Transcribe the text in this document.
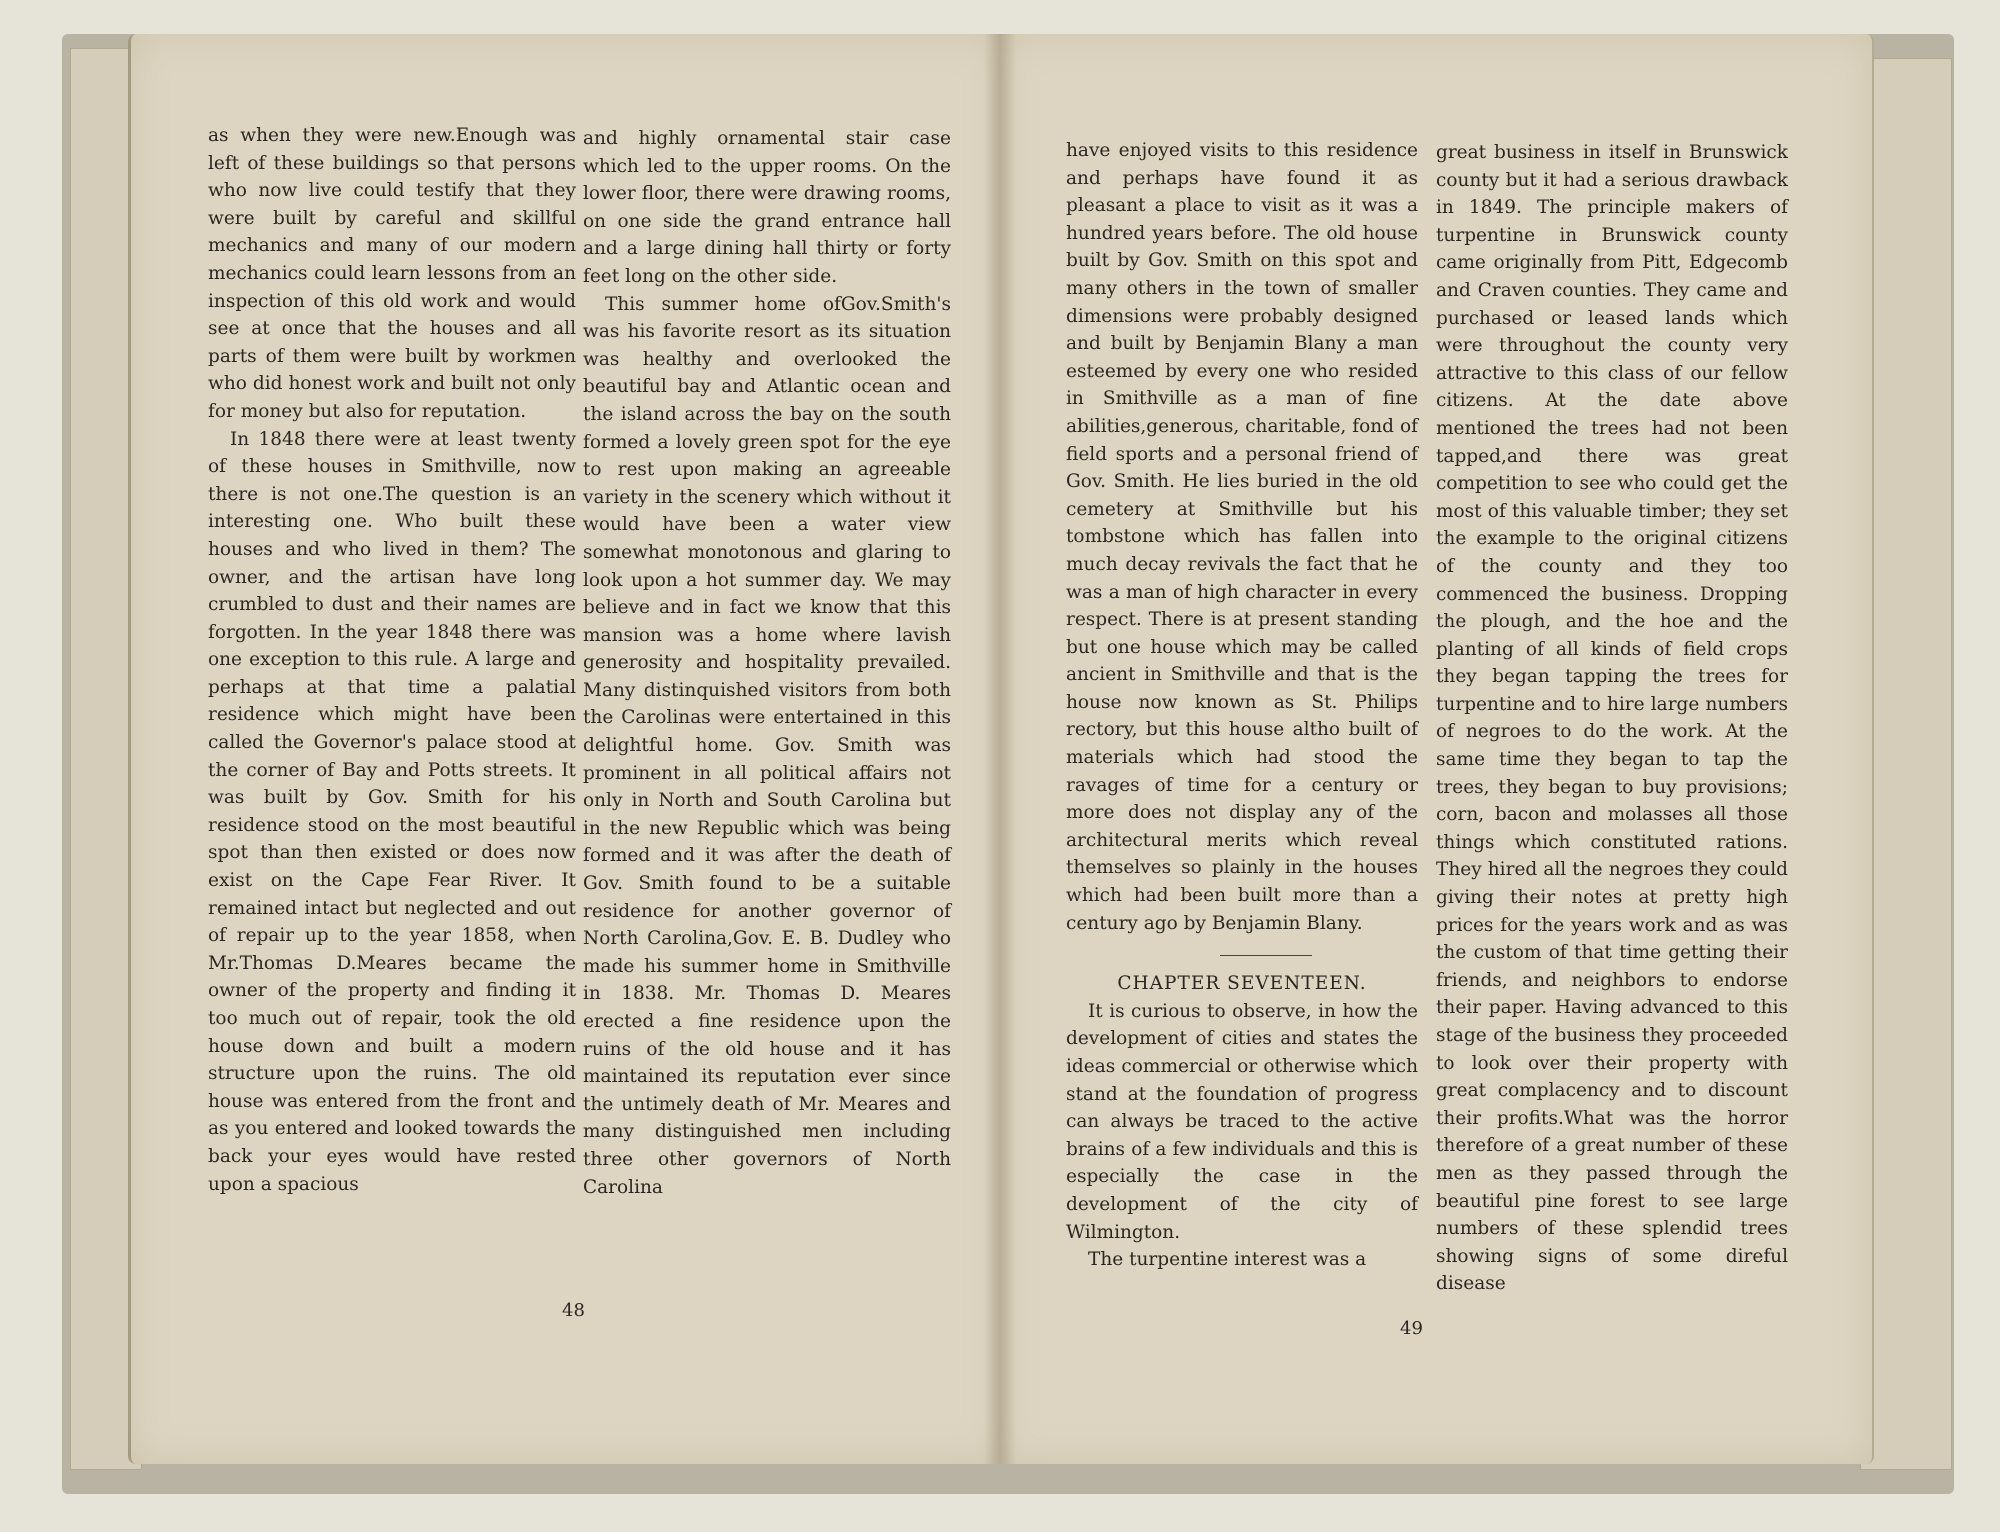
as when they were new.Enough was left of these buildings so that persons who now live could testify that they were built by careful and skillful mechanics and many of our modern mechanics could learn lessons from an inspection of this old work and would see at once that the houses and all parts of them were built by workmen who did honest work and built not only for money but also for reputation.

In 1848 there were at least twenty of these houses in Smithville, now there is not one.The question is an interesting one. Who built these houses and who lived in them? The owner, and the artisan have long crumbled to dust and their names are forgotten. In the year 1848 there was one exception to this rule. A large and perhaps at that time a palatial residence which might have been called the Governor's palace stood at the corner of Bay and Potts streets. It was built by Gov. Smith for his residence stood on the most beautiful spot than then existed or does now exist on the Cape Fear River. It remained intact but neglected and out of repair up to the year 1858, when Mr.Thomas D.Meares became the owner of the property and finding it too much out of repair, took the old house down and built a modern structure upon the ruins. The old house was entered from the front and as you entered and looked towards the back your eyes would have rested upon a spacious

and highly ornamental stair case which led to the upper rooms. On the lower floor, there were drawing rooms, on one side the grand entrance hall and a large dining hall thirty or forty feet long on the other side.

This summer home ofGov.Smith's was his favorite resort as its situation was healthy and overlooked the beautiful bay and Atlantic ocean and the island across the bay on the south formed a lovely green spot for the eye to rest upon making an agreeable variety in the scenery which without it would have been a water view somewhat monotonous and glaring to look upon a hot summer day. We may believe and in fact we know that this mansion was a home where lavish generosity and hospitality prevailed. Many distinquished visitors from both the Carolinas were entertained in this delightful home. Gov. Smith was prominent in all political affairs not only in North and South Carolina but in the new Republic which was being formed and it was after the death of Gov. Smith found to be a suitable residence for another governor of North Carolina,Gov. E. B. Dudley who made his summer home in Smithville in 1838. Mr. Thomas D. Meares erected a fine residence upon the ruins of the old house and it has maintained its reputation ever since the untimely death of Mr. Meares and many distinguished men including three other governors of North Carolina

48

have enjoyed visits to this residence and perhaps have found it as pleasant a place to visit as it was a hundred years before. The old house built by Gov. Smith on this spot and many others in the town of smaller dimensions were probably designed and built by Benjamin Blany a man esteemed by every one who resided in Smithville as a man of fine abilities,generous, charitable, fond of field sports and a personal friend of Gov. Smith. He lies buried in the old cemetery at Smithville but his tombstone which has fallen into much decay revivals the fact that he was a man of high character in every respect. There is at present standing but one house which may be called ancient in Smithville and that is the house now known as St. Philips rectory, but this house altho built of materials which had stood the ravages of time for a century or more does not display any of the architectural merits which reveal themselves so plainly in the houses which had been built more than a century ago by Benjamin Blany.

CHAPTER SEVENTEEN.

It is curious to observe, in how the development of cities and states the ideas commercial or otherwise which stand at the foundation of progress can always be traced to the active brains of a few individuals and this is especially the case in the development of the city of Wilmington.

The turpentine interest was a

great business in itself in Brunswick county but it had a serious drawback in 1849. The principle makers of turpentine in Brunswick county came originally from Pitt, Edgecomb and Craven counties. They came and purchased or leased lands which were throughout the county very attractive to this class of our fellow citizens. At the date above mentioned the trees had not been tapped,and there was great competition to see who could get the most of this valuable timber; they set the example to the original citizens of the county and they too commenced the business. Dropping the plough, and the hoe and the planting of all kinds of field crops they began tapping the trees for turpentine and to hire large numbers of negroes to do the work. At the same time they began to tap the trees, they began to buy provisions; corn, bacon and molasses all those things which constituted rations. They hired all the negroes they could giving their notes at pretty high prices for the years work and as was the custom of that time getting their friends, and neighbors to endorse their paper. Having advanced to this stage of the business they proceeded to look over their property with great complacency and to discount their profits.What was the horror therefore of a great number of these men as they passed through the beautiful pine forest to see large numbers of these splendid trees showing signs of some direful disease

49
